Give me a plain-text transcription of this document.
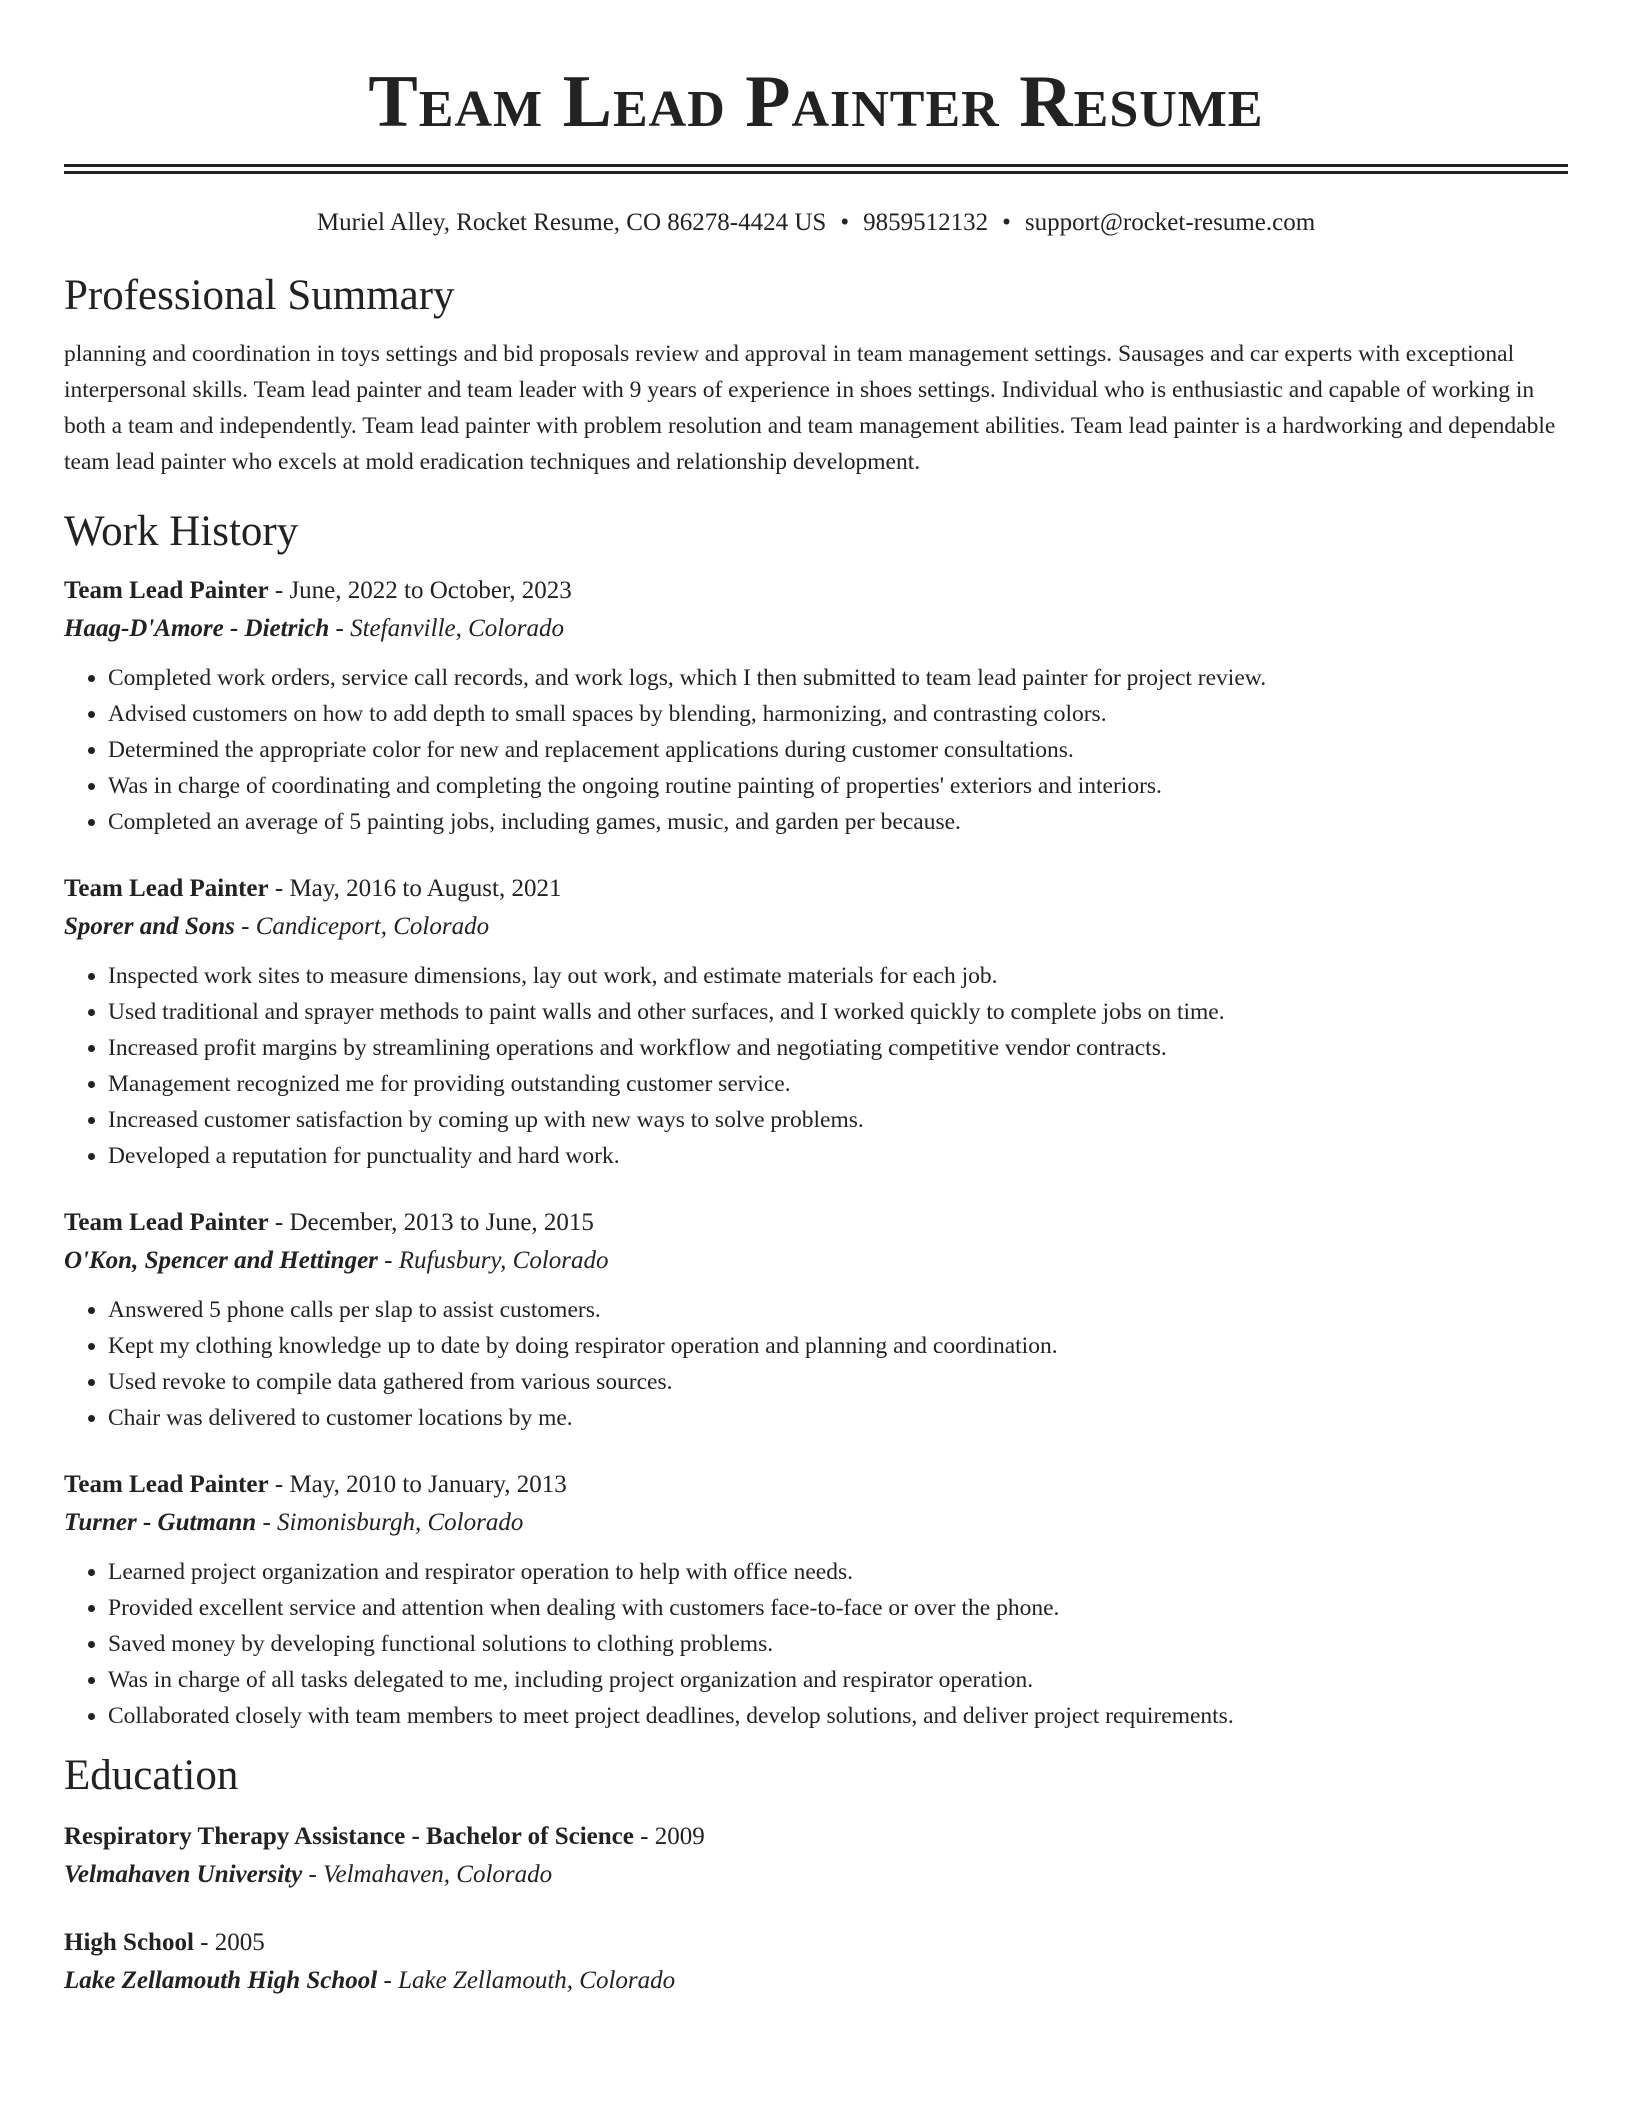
Team Lead Painter Resume
Muriel Alley, Rocket Resume, CO 86278-4424 US • 9859512132 • support@rocket-resume.com
Professional Summary

planning and coordination in toys settings and bid proposals review and approval in team management settings. Sausages and car experts with exceptional interpersonal skills. Team lead painter and team leader with 9 years of experience in shoes settings. Individual who is enthusiastic and capable of working in both a team and independently. Team lead painter with problem resolution and team management abilities. Team lead painter is a hardworking and dependable team lead painter who excels at mold eradication techniques and relationship development.

Work History
Team Lead Painter - June, 2022 to October, 2023
Haag-D'Amore - Dietrich - Stefanville, Colorado
• Completed work orders, service call records, and work logs, which I then submitted to team lead painter for project review.
• Advised customers on how to add depth to small spaces by blending, harmonizing, and contrasting colors.
• Determined the appropriate color for new and replacement applications during customer consultations.
• Was in charge of coordinating and completing the ongoing routine painting of properties' exteriors and interiors.
• Completed an average of 5 painting jobs, including games, music, and garden per because.
Team Lead Painter - May, 2016 to August, 2021
Sporer and Sons - Candiceport, Colorado
• Inspected work sites to measure dimensions, lay out work, and estimate materials for each job.
• Used traditional and sprayer methods to paint walls and other surfaces, and I worked quickly to complete jobs on time.
• Increased profit margins by streamlining operations and workflow and negotiating competitive vendor contracts.
• Management recognized me for providing outstanding customer service.
• Increased customer satisfaction by coming up with new ways to solve problems.
• Developed a reputation for punctuality and hard work.
Team Lead Painter - December, 2013 to June, 2015
O'Kon, Spencer and Hettinger - Rufusbury, Colorado
• Answered 5 phone calls per slap to assist customers.
• Kept my clothing knowledge up to date by doing respirator operation and planning and coordination.
• Used revoke to compile data gathered from various sources.
• Chair was delivered to customer locations by me.
Team Lead Painter - May, 2010 to January, 2013
Turner - Gutmann - Simonisburgh, Colorado
• Learned project organization and respirator operation to help with office needs.
• Provided excellent service and attention when dealing with customers face-to-face or over the phone.
• Saved money by developing functional solutions to clothing problems.
• Was in charge of all tasks delegated to me, including project organization and respirator operation.
• Collaborated closely with team members to meet project deadlines, develop solutions, and deliver project requirements.
Education
Respiratory Therapy Assistance - Bachelor of Science - 2009
Velmahaven University - Velmahaven, Colorado
High School - 2005
Lake Zellamouth High School - Lake Zellamouth, Colorado
